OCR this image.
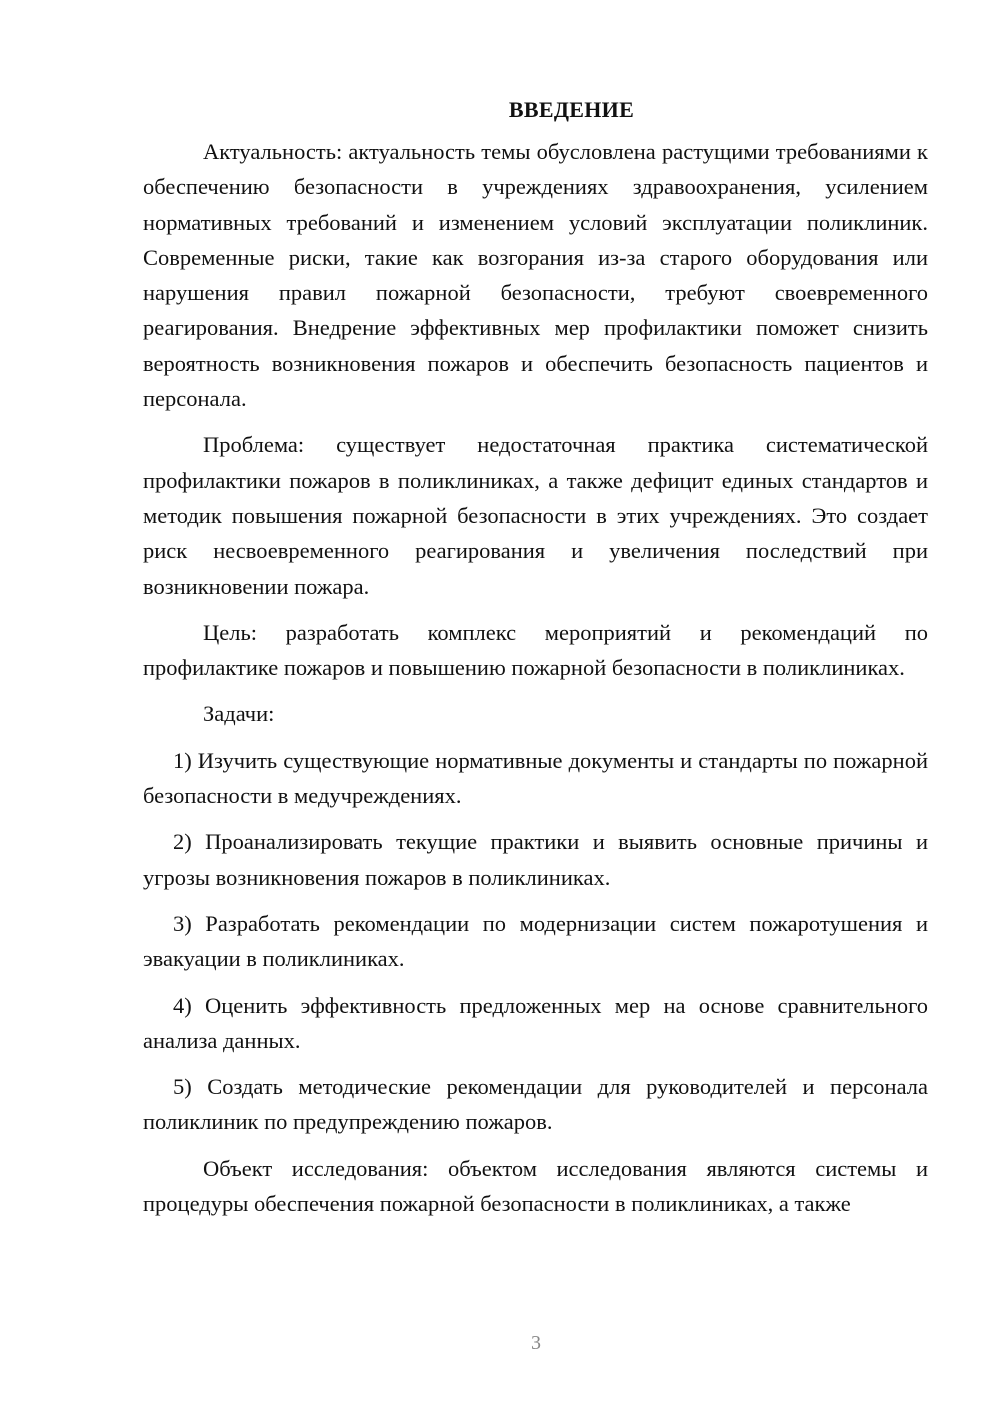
ВВЕДЕНИЕ

Актуальность: актуальность темы обусловлена растущими требованиями к обеспечению безопасности в учреждениях здравоохранения, усилением нормативных требований и изменением условий эксплуатации поликлиник. Современные риски, такие как возгорания из-за старого оборудования или нарушения правил пожарной безопасности, требуют своевременного реагирования. Внедрение эффективных мер профилактики поможет снизить вероятность возникновения пожаров и обеспечить безопасность пациентов и персонала.

Проблема: существует недостаточная практика систематической профилактики пожаров в поликлиниках, а также дефицит единых стандартов и методик повышения пожарной безопасности в этих учреждениях. Это создает риск несвоевременного реагирования и увеличения последствий при возникновении пожара.

Цель: разработать комплекс мероприятий и рекомендаций по профилактике пожаров и повышению пожарной безопасности в поликлиниках.

Задачи:

1) Изучить существующие нормативные документы и стандарты по пожарной безопасности в медучреждениях.

2) Проанализировать текущие практики и выявить основные причины и угрозы возникновения пожаров в поликлиниках.

3) Разработать рекомендации по модернизации систем пожаротушения и эвакуации в поликлиниках.

4) Оценить эффективность предложенных мер на основе сравнительного анализа данных.

5) Создать методические рекомендации для руководителей и персонала поликлиник по предупреждению пожаров.

Объект исследования: объектом исследования являются системы и процедуры обеспечения пожарной безопасности в поликлиниках, а также

3
